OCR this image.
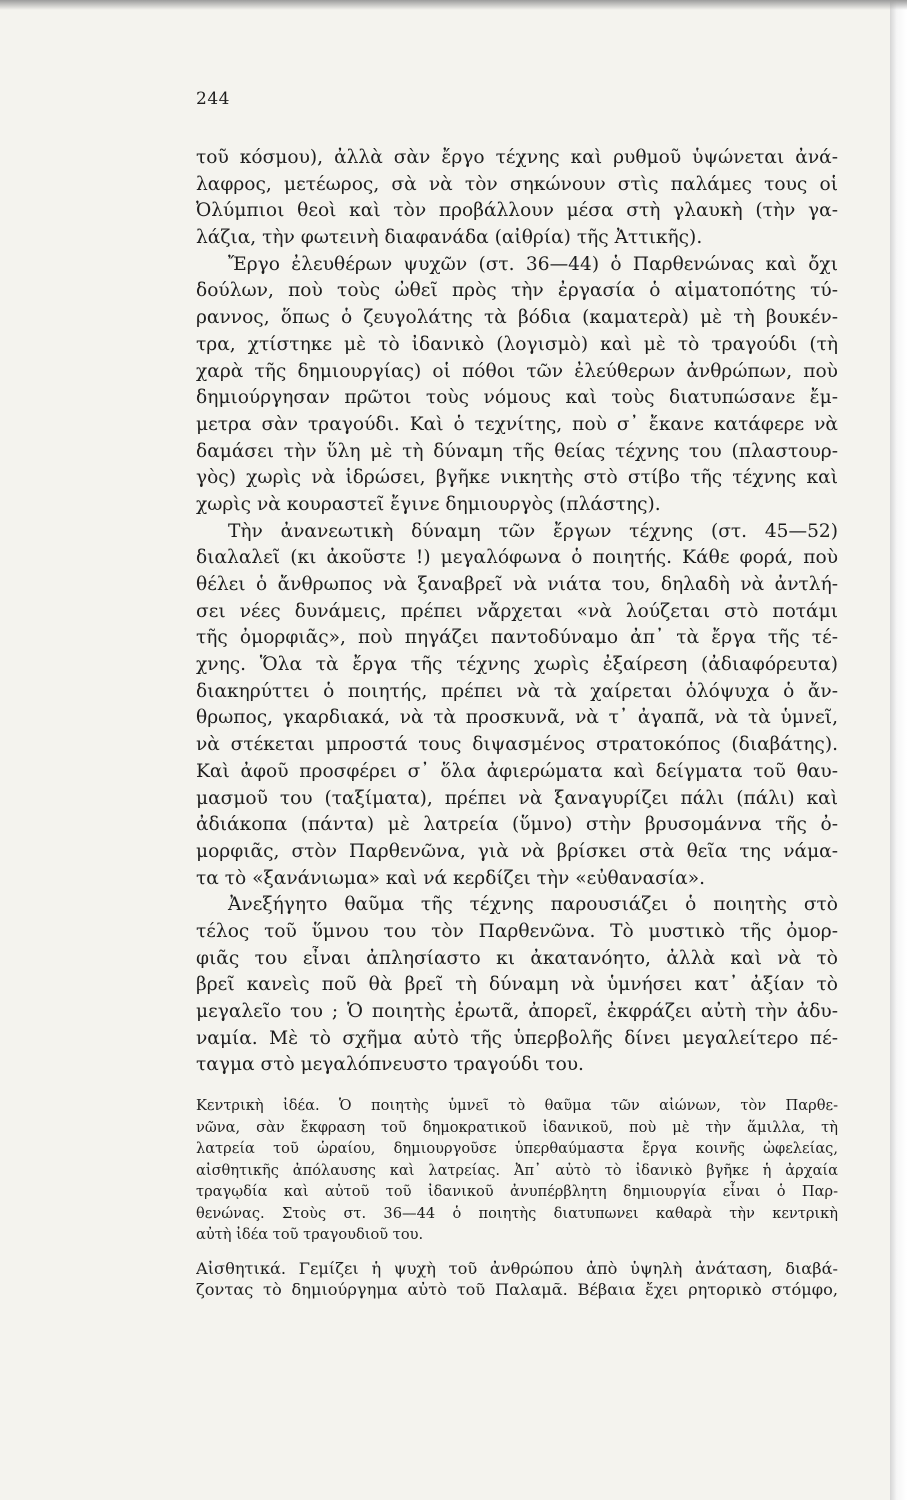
244
τοῦ κόσμου), ἀλλὰ σὰν ἔργο τέχνης καὶ ρυθμοῦ ὑψώνεται ἀνά-
λαφρος, μετέωρος, σὰ νὰ τὸν σηκώνουν στὶς παλάμες τους οἱ
Ὀλύμπιοι θεοὶ καὶ τὸν προβάλλουν μέσα στὴ γλαυκὴ (τὴν γα-
λάζια, τὴν φωτεινὴ διαφανάδα (αἰθρία) τῆς Ἀττικῆς).
Ἔργο ἐλευθέρων ψυχῶν (στ. 36—44) ὁ Παρθενώνας καὶ ὄχι
δούλων, ποὺ τοὺς ὠθεῖ πρὸς τὴν ἐργασία ὁ αἱματοπότης τύ-
ραννος, ὅπως ὁ ζευγολάτης τὰ βόδια (καματερὰ) μὲ τὴ βουκέν-
τρα, χτίστηκε μὲ τὸ ἰδανικὸ (λογισμὸ) καὶ μὲ τὸ τραγούδι (τὴ
χαρὰ τῆς δημιουργίας) οἱ πόθοι τῶν ἐλεύθερων ἀνθρώπων, ποὺ
δημιούργησαν πρῶτοι τοὺς νόμους καὶ τοὺς διατυπώσανε ἔμ-
μετρα σὰν τραγούδι. Καὶ ὁ τεχνίτης, ποὺ σ᾽ ἔκανε κατάφερε νὰ
δαμάσει τὴν ὕλη μὲ τὴ δύναμη τῆς θείας τέχνης του (πλαστουρ-
γὸς) χωρὶς νὰ ἱδρώσει, βγῆκε νικητὴς στὸ στίβο τῆς τέχνης καὶ
χωρὶς νὰ κουραστεῖ ἔγινε δημιουργὸς (πλάστης).
Τὴν ἀνανεωτικὴ δύναμη τῶν ἔργων τέχνης (στ. 45—52)
διαλαλεῖ (κι ἀκοῦστε !) μεγαλόφωνα ὁ ποιητής. Κάθε φορά, ποὺ
θέλει ὁ ἄνθρωπος νὰ ξαναβρεῖ νὰ νιάτα του, δηλαδὴ νὰ ἀντλή-
σει νέες δυνάμεις, πρέπει νἄρχεται «νὰ λούζεται στὸ ποτάμι
τῆς ὀμορφιᾶς», ποὺ πηγάζει παντοδύναμο ἀπ᾽ τὰ ἔργα τῆς τέ-
χνης. Ὅλα τὰ ἔργα τῆς τέχνης χωρὶς ἐξαίρεση (ἀδιαφόρευτα)
διακηρύττει ὁ ποιητής, πρέπει νὰ τὰ χαίρεται ὁλόψυχα ὁ ἄν-
θρωπος, γκαρδιακά, νὰ τὰ προσκυνᾶ, νὰ τ᾽ ἀγαπᾶ, νὰ τὰ ὑμνεῖ,
νὰ στέκεται μπροστά τους διψασμένος στρατοκόπος (διαβάτης).
Καὶ ἀφοῦ προσφέρει σ᾽ ὅλα ἀφιερώματα καὶ δείγματα τοῦ θαυ-
μασμοῦ του (ταξίματα), πρέπει νὰ ξαναγυρίζει πάλι (πάλι) καὶ
ἀδιάκοπα (πάντα) μὲ λατρεία (ὕμνο) στὴν βρυσομάννα τῆς ὀ-
μορφιᾶς, στὸν Παρθενῶνα, γιὰ νὰ βρίσκει στὰ θεῖα της νάμα-
τα τὸ «ξανάνιωμα» καὶ νά κερδίζει τὴν «εὐθανασία».
Ἀνεξήγητο θαῦμα τῆς τέχνης παρουσιάζει ὁ ποιητὴς στὸ
τέλος τοῦ ὕμνου του τὸν Παρθενῶνα. Τὸ μυστικὸ τῆς ὀμορ-
φιᾶς του εἶναι ἀπλησίαστο κι ἀκατανόητο, ἀλλὰ καὶ νὰ τὸ
βρεῖ κανεὶς ποῦ θὰ βρεῖ τὴ δύναμη νὰ ὑμνήσει κατ᾽ ἀξίαν τὸ
μεγαλεῖο του ; Ὁ ποιητὴς ἐρωτᾶ, ἀπορεῖ, ἐκφράζει αὐτὴ τὴν ἀδυ-
ναμία. Μὲ τὸ σχῆμα αὐτὸ τῆς ὑπερβολῆς δίνει μεγαλείτερο πέ-
ταγμα στὸ μεγαλόπνευστο τραγούδι του.
Κεντρικὴ ἰδέα. Ὁ ποιητὴς ὑμνεῖ τὸ θαῦμα τῶν αἰώνων, τὸν Παρθε-
νῶνα, σὰν ἔκφραση τοῦ δημοκρατικοῦ ἰδανικοῦ, ποὺ μὲ τὴν ἅμιλλα, τὴ
λατρεία τοῦ ὡραίου, δημιουργοῦσε ὑπερθαύμαστα ἔργα κοινῆς ὠφελείας,
αἰσθητικῆς ἀπόλαυσης καὶ λατρείας. Ἀπ᾽ αὐτὸ τὸ ἰδανικὸ βγῆκε ἡ ἀρχαία
τραγῳδία καὶ αὐτοῦ τοῦ ἰδανικοῦ ἀνυπέρβλητη δημιουργία εἶναι ὁ Παρ-
θενώνας. Στοὺς στ. 36—44 ὁ ποιητὴς διατυπωνει καθαρὰ τὴν κεντρικὴ
αὐτὴ ἰδέα τοῦ τραγουδιοῦ του.
Αἰσθητικά. Γεμίζει ἡ ψυχὴ τοῦ ἀνθρώπου ἀπὸ ὑψηλὴ ἀνάταση, διαβά-
ζοντας τὸ δημιούργημα αὐτὸ τοῦ Παλαμᾶ. Βέβαια ἔχει ρητορικὸ στόμφο,
